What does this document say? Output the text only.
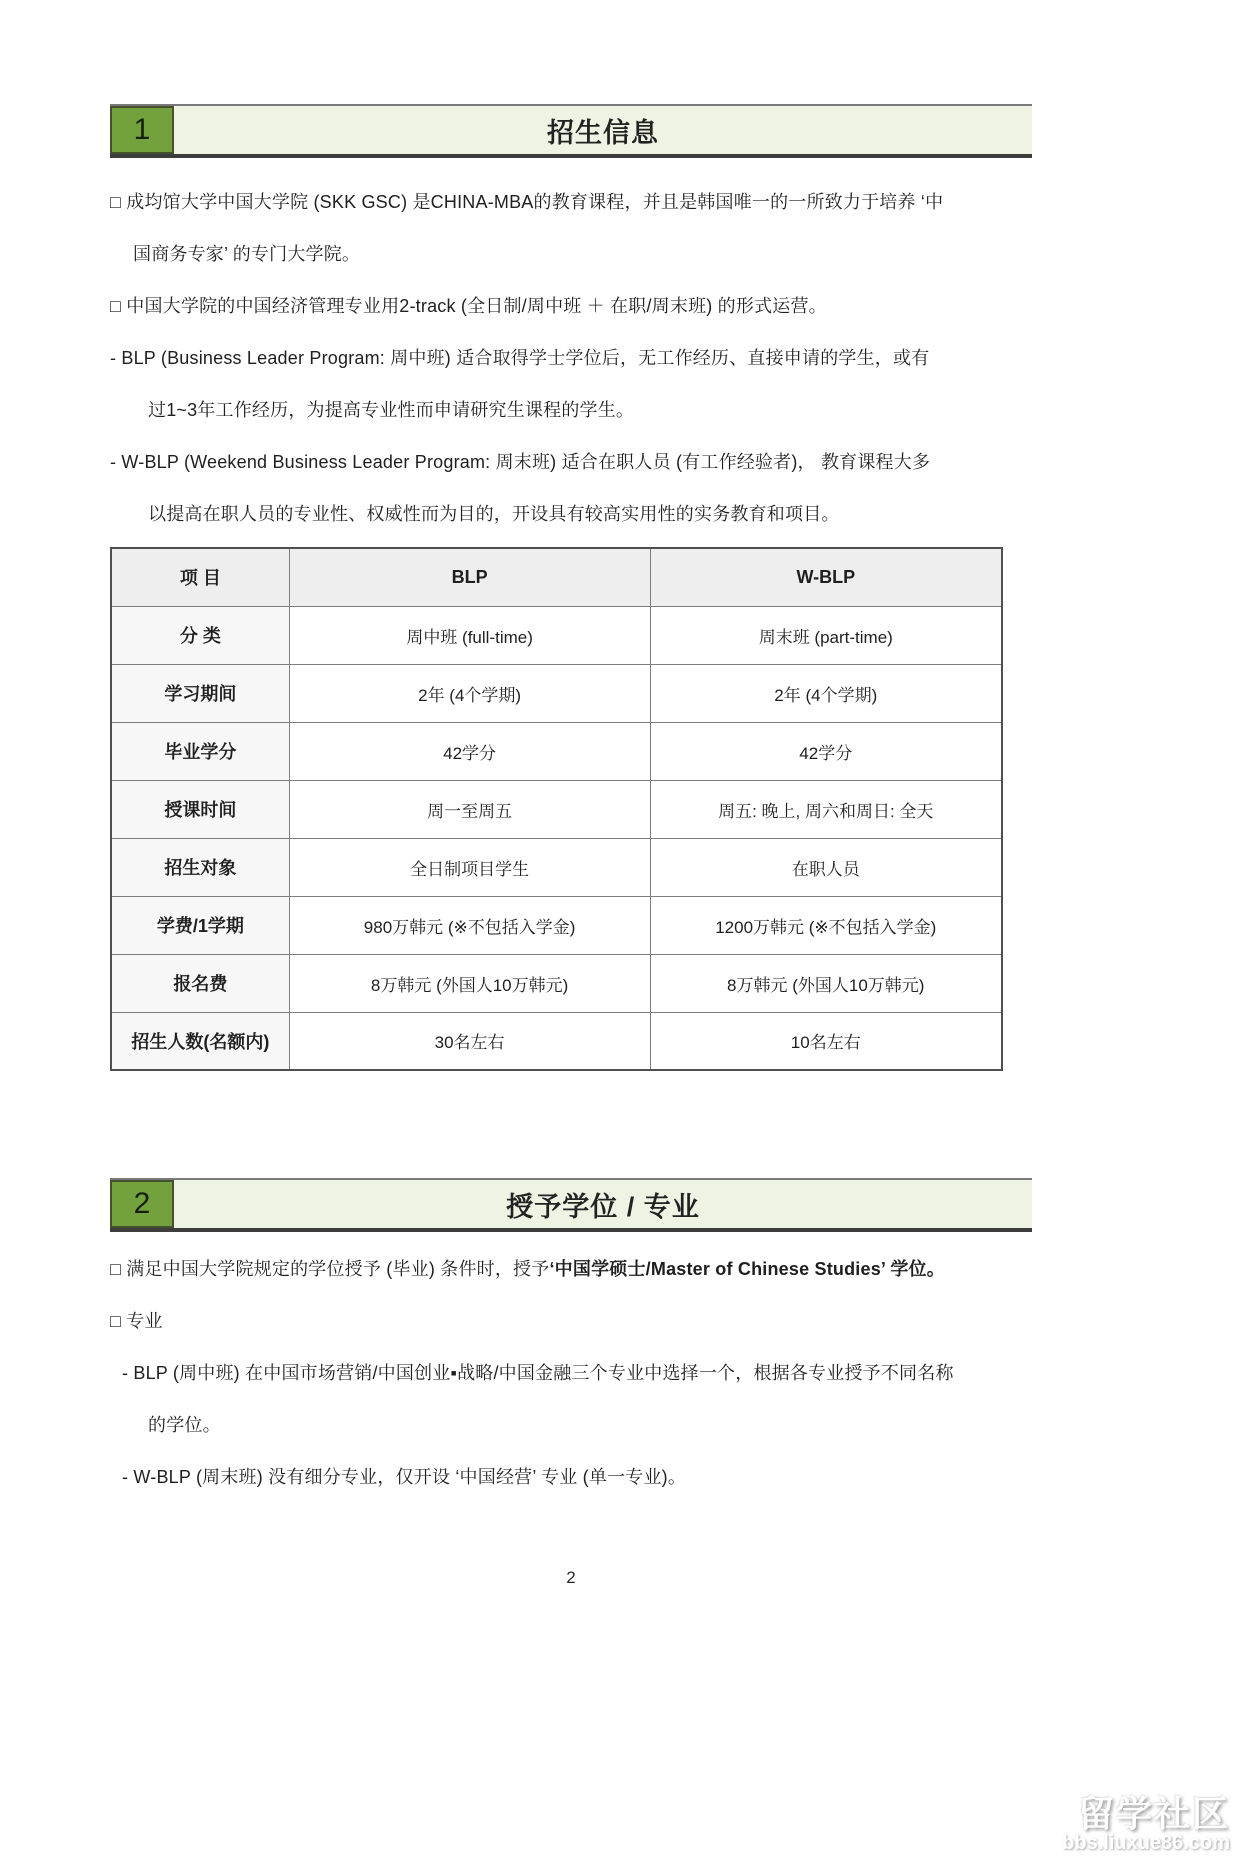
1	招生信息
□ 成均馆大学中国大学院 (SKK GSC) 是CHINA-MBA的教育课程，并且是韩国唯一的一所致力于培养 ‘中
国商务专家’ 的专门大学院。
□ 中国大学院的中国经济管理专业用2-track (全日制/周中班 ＋ 在职/周末班) 的形式运营。
- BLP (Business Leader Program: 周中班) 适合取得学士学位后，无工作经历、直接申请的学生，或有
过1~3年工作经历，为提高专业性而申请研究生课程的学生。
- W-BLP (Weekend Business Leader Program: 周末班) 适合在职人员 (有工作经验者)， 教育课程大多
以提高在职人员的专业性、权威性而为目的，开设具有较高实用性的实务教育和项目。
项 目	BLP	W-BLP
分 类	周中班 (full-time)	周末班 (part-time)
学习期间	2年 (4个学期)	2年 (4个学期)
毕业学分	42学分	42学分
授课时间	周一至周五	周五: 晚上, 周六和周日: 全天
招生对象	全日制项目学生	在职人员
学费/1学期	980万韩元 (※不包括入学金)	1200万韩元 (※不包括入学金)
报名费	8万韩元 (外国人10万韩元)	8万韩元 (外国人10万韩元)
招生人数(名额内)	30名左右	10名左右
2	授予学位 / 专业
□ 满足中国大学院规定的学位授予 (毕业) 条件时，授予 ‘中国学硕士/Master of Chinese Studies’ 学位。
□ 专业
- BLP (周中班) 在中国市场营销/中国创业▪战略/中国金融三个专业中选择一个，根据各专业授予不同名称
的学位。
- W-BLP (周末班) 没有细分专业，仅开设 ‘中国经营’ 专业 (单一专业)。
2
留学社区
bbs.liuxue86.com
